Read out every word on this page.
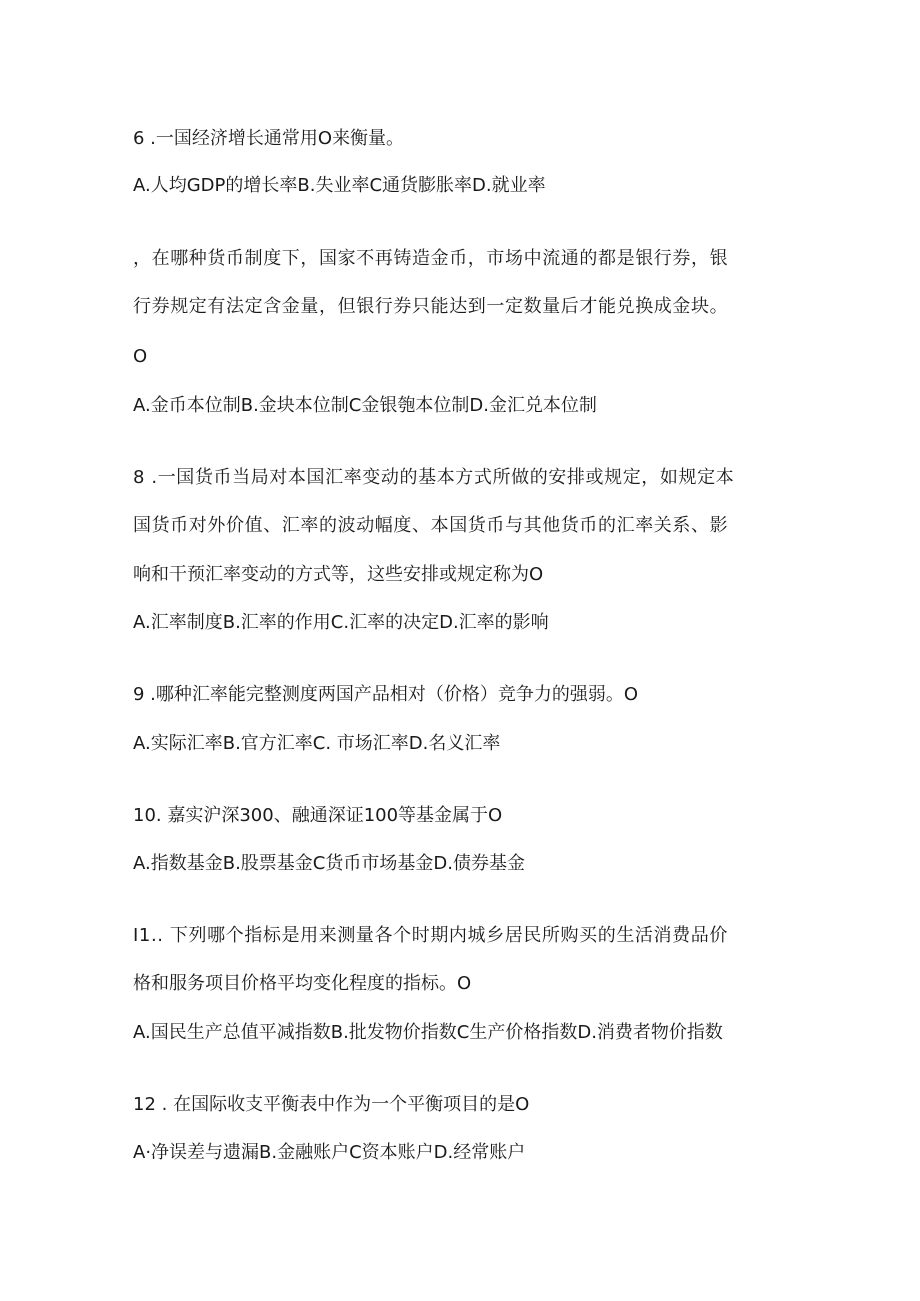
6 .一国经济增长通常用O来衡量。
A.人均GDP的增长率B.失业率C通货膨胀率D.就业率
，在哪种货币制度下，国家不再铸造金币，市场中流通的都是银行券，银
行券规定有法定含金量，但银行券只能达到一定数量后才能兑换成金块。
O
A.金币本位制B.金块本位制C金银匏本位制D.金汇兑本位制
8 .一国货币当局对本国汇率变动的基本方式所做的安排或规定，如规定本
国货币对外价值、汇率的波动幅度、本国货币与其他货币的汇率关系、影
响和干预汇率变动的方式等，这些安排或规定称为O
A.汇率制度B.汇率的作用C.汇率的决定D.汇率的影响
9 .哪种汇率能完整测度两国产品相对（价格）竞争力的强弱。O
A.实际汇率B.官方汇率C. 市场汇率D.名义汇率
10. 嘉实沪深300、融通深证100等基金属于O
A.指数基金B.股票基金C货币市场基金D.债券基金
I1.. 下列哪个指标是用来测量各个时期内城乡居民所购买的生活消费品价
格和服务项目价格平均变化程度的指标。O
A.国民生产总值平减指数B.批发物价指数C生产价格指数D.消费者物价指数
12 . 在国际收支平衡表中作为一个平衡项目的是O
A·净误差与遗漏B.金融账户C资本账户D.经常账户
